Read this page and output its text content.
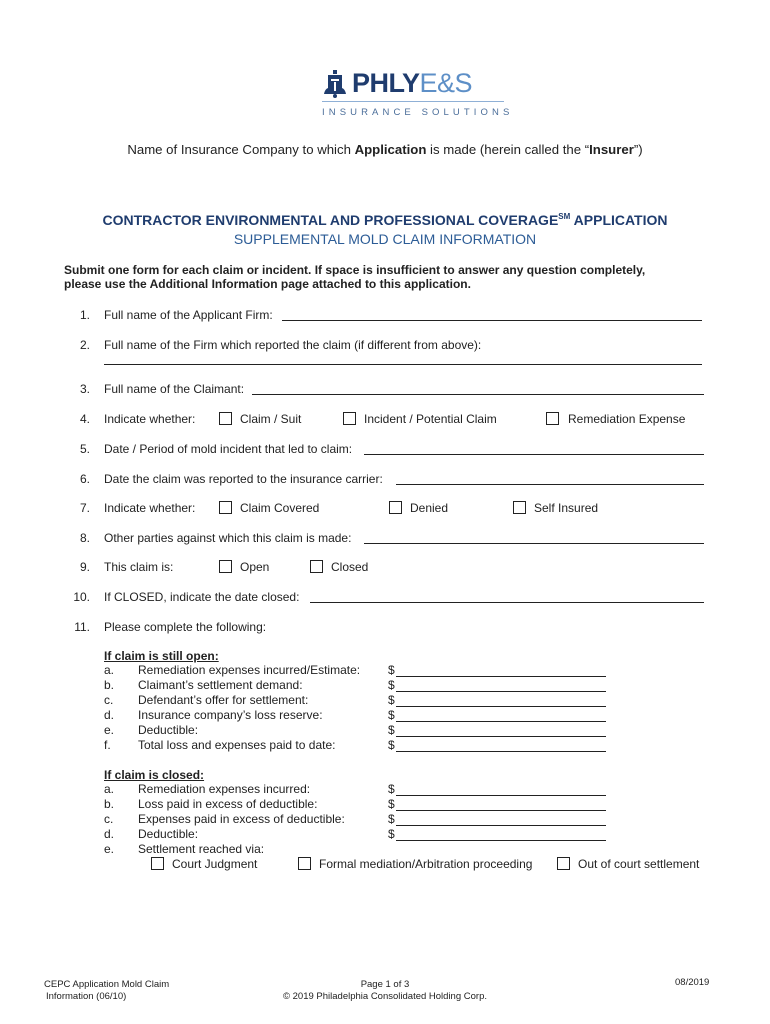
PHLYE&S
INSURANCE SOLUTIONS
Name of Insurance Company to which Application is made (herein called the “Insurer”)
CONTRACTOR ENVIRONMENTAL AND PROFESSIONAL COVERAGE℠ APPLICATION
SUPPLEMENTAL MOLD CLAIM INFORMATION
Submit one form for each claim or incident. If space is insufficient to answer any question completely,
please use the Additional Information page attached to this application.
1. Full name of the Applicant Firm:
2. Full name of the Firm which reported the claim (if different from above):
3. Full name of the Claimant:
4. Indicate whether:	Claim / Suit	Incident / Potential Claim	Remediation Expense
5. Date / Period of mold incident that led to claim:
6. Date the claim was reported to the insurance carrier:
7. Indicate whether:	Claim Covered	Denied	Self Insured
8. Other parties against which this claim is made:
9. This claim is:	Open	Closed
10. If CLOSED, indicate the date closed:
11. Please complete the following:
If claim is still open:
a. Remediation expenses incurred/Estimate: $
b. Claimant’s settlement demand:	$
c. Defendant’s offer for settlement:	$
d. Insurance company’s loss reserve:	$
e. Deductible:	$
f. Total loss and expenses paid to date:	$
If claim is closed:
a. Remediation expenses incurred:	$
b. Loss paid in excess of deductible:	$
c. Expenses paid in excess of deductible:	$
d. Deductible:	$
e. Settlement reached via:
Court Judgment	Formal mediation/Arbitration proceeding	Out of court settlement
CEPC Application Mold Claim
Information (06/10)
Page 1 of 3
© 2019 Philadelphia Consolidated Holding Corp.
08/2019
